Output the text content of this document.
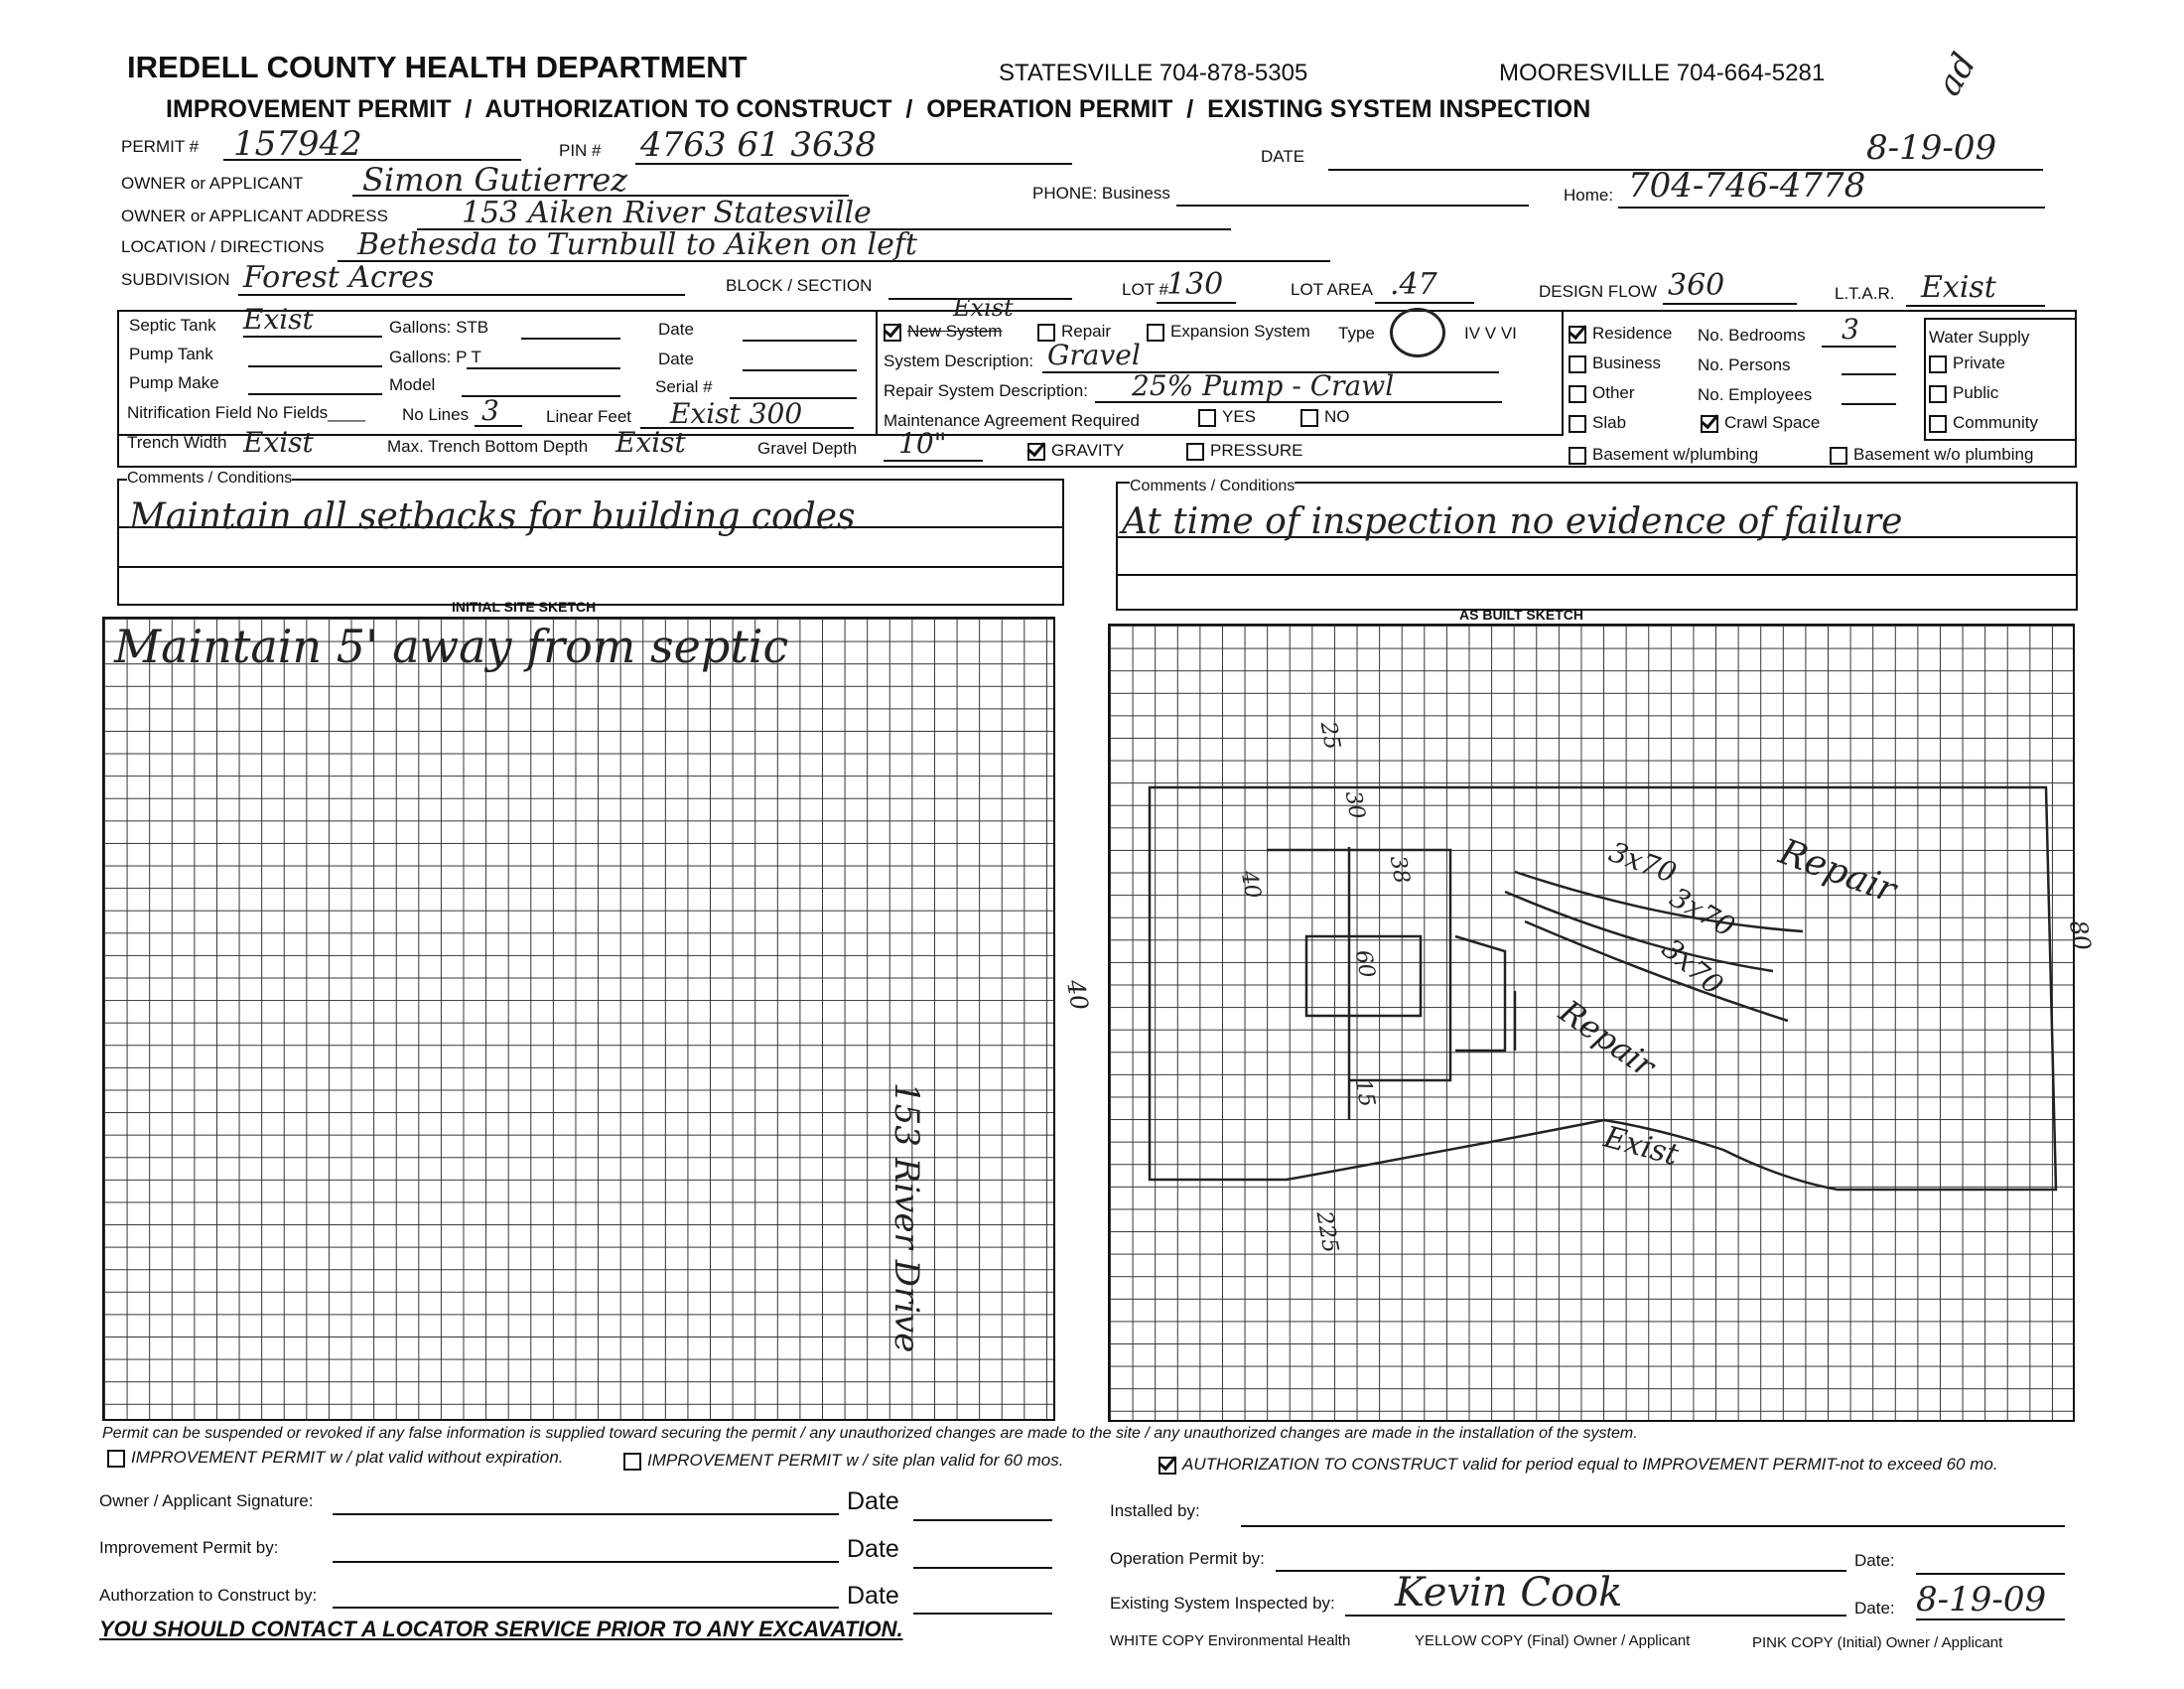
IREDELL COUNTY HEALTH DEPARTMENT	STATESVILLE 704-878-5305	MOORESVILLE 704-664-5281
IMPROVEMENT PERMIT  /  AUTHORIZATION TO CONSTRUCT  /  OPERATION PERMIT  /  EXISTING SYSTEM INSPECTION
ad
PERMIT # 157942	PIN # 4763 61 3638	DATE	8-19-09
OWNER or APPLICANT Simon Gutierrez	PHONE: Business	Home: 704-746-4778
OWNER or APPLICANT ADDRESS 153 Aiken River Statesville
LOCATION / DIRECTIONS Bethesda to Turnbull to Aiken on left
SUBDIVISION Forest Acres	BLOCK / SECTION	LOT #
130	LOT AREA .47	DESIGN FLOW 360	L.T.A.R. Exist
Septic Tank Exist	Gallons: STB	Date
Pump Tank	Gallons: P T	Date
Pump Make	Model	Serial #
Nitrification Field No Fields____ No Lines 3	Linear Feet Exist 300
Trench Width Exist	Max. Trench Bottom Depth Exist	Gravel Depth 10"
New System
Exist
Repair	Expansion System Type	IV V VI
System Description: Gravel
Repair System Description: 25% Pump - Crawl
Maintenance Agreement Required	YES	NO
GRAVITY	PRESSURE
Residence No. Bedrooms 3
Business No. Persons
Other	No. Employees
Slab	Crawl Space
Basement w/plumbing	Basement w/o plumbing
Water Supply
Private
Public
Community
Comments / Conditions
Maintain all setbacks for building codes
Comments / Conditions
At time of inspection no evidence of failure
INITIAL SITE SKETCH
Maintain 5' away from septic
153 River Drive
AS BUILT SKETCH
25
30
40	38
60
15
225
40
80
3x70	Repair
3x70
3x70
Repair
Exist
Permit can be suspended or revoked if any false information is supplied toward securing the permit / any unauthorized changes are made to the site / any unauthorized changes are made in the installation of the system.
IMPROVEMENT PERMIT w / plat valid without expiration.	IMPROVEMENT PERMIT w / site plan valid for 60 mos.	AUTHORIZATION TO CONSTRUCT valid for period equal to IMPROVEMENT PERMIT-not to exceed 60 mo.
Owner / Applicant Signature:	Date
Improvement Permit by:	Date
Authorzation to Construct by:	Date
YOU SHOULD CONTACT A LOCATOR SERVICE PRIOR TO ANY EXCAVATION.
Installed by:
Operation Permit by:	Date:
Existing System Inspected by: Kevin Cook	Date: 8-19-09
WHITE COPY Environmental Health	YELLOW COPY (Final) Owner / Applicant	PINK COPY (Initial) Owner / Applicant
